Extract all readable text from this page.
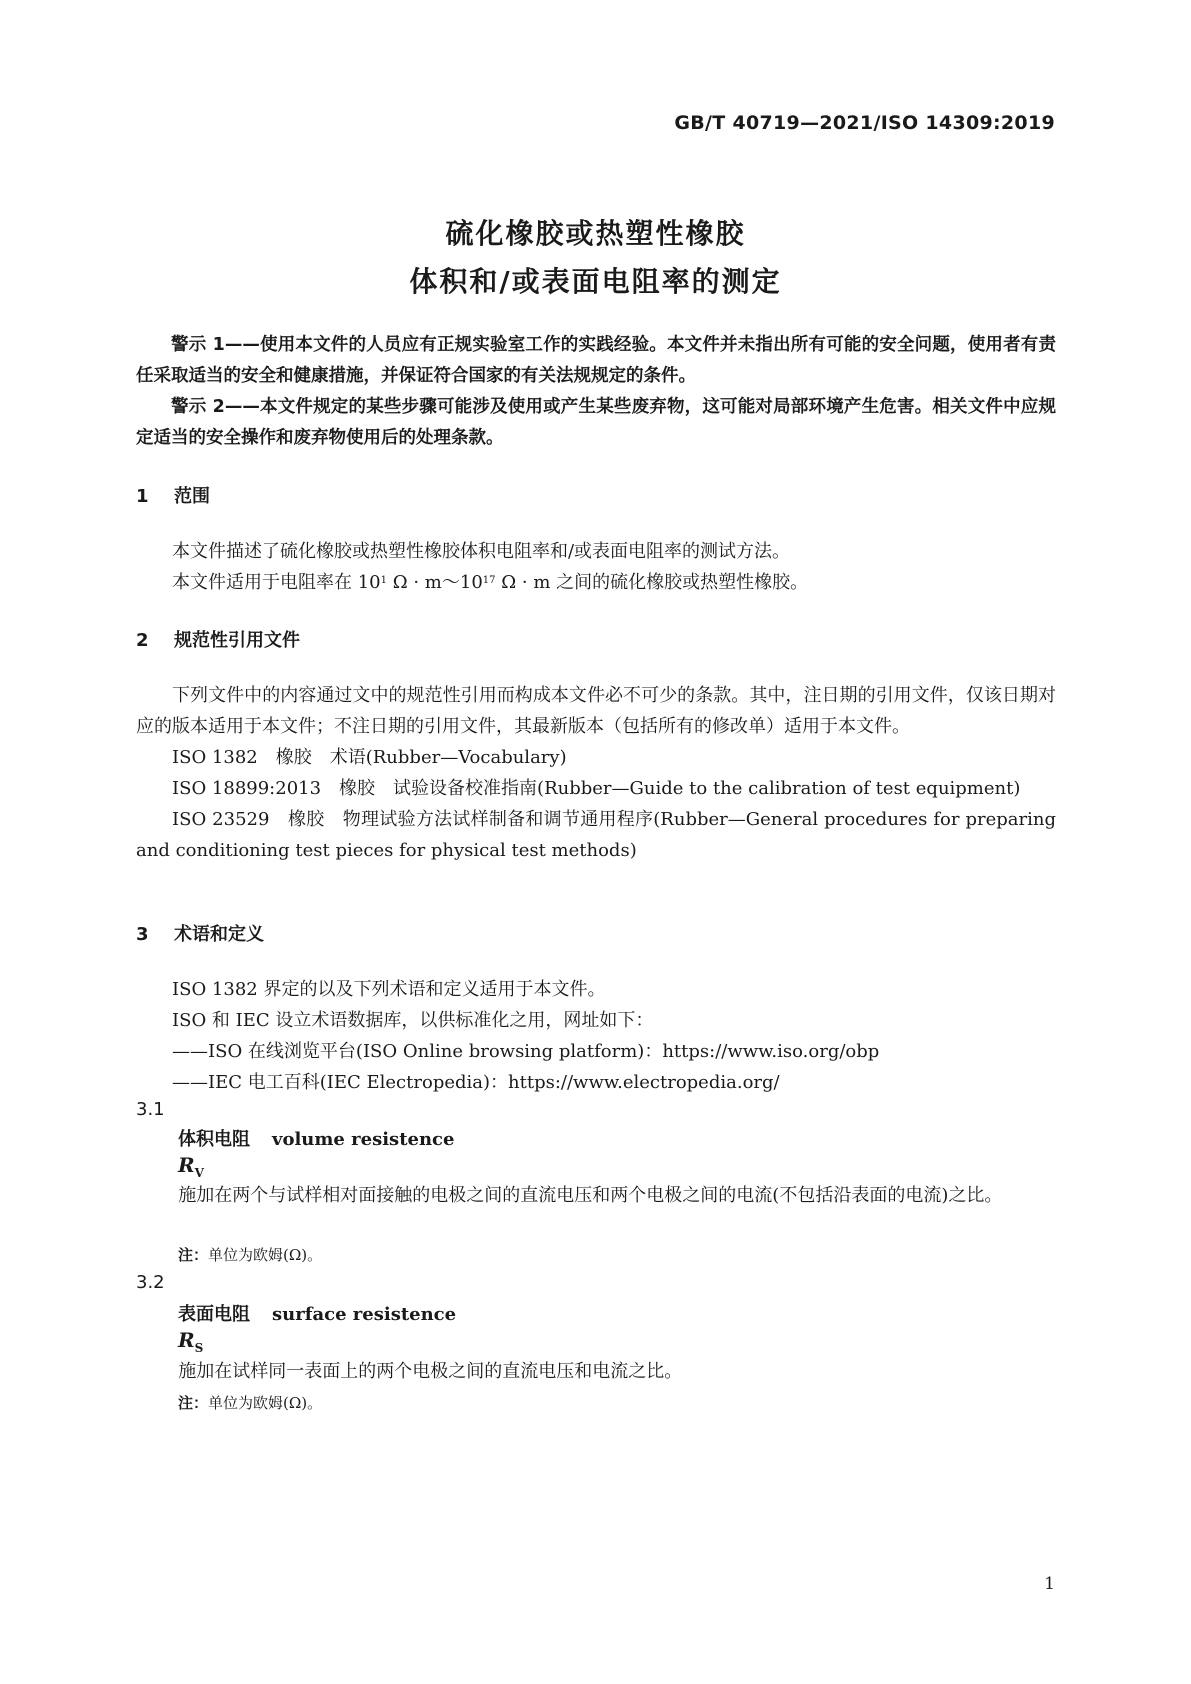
GB/T 40719—2021/ISO 14309:2019
硫化橡胶或热塑性橡胶
体积和/或表面电阻率的测定

警示 1——使用本文件的人员应有正规实验室工作的实践经验。本文件并未指出所有可能的安全问题，使用者有责任采取适当的安全和健康措施，并保证符合国家的有关法规规定的条件。

警示 2——本文件规定的某些步骤可能涉及使用或产生某些废弃物，这可能对局部环境产生危害。相关文件中应规定适当的安全操作和废弃物使用后的处理条款。

1 范围

本文件描述了硫化橡胶或热塑性橡胶体积电阻率和/或表面电阻率的测试方法。

本文件适用于电阻率在 $10^1$ $\Omega \cdot m\sim 10^{17}$ Ω · m 之间的硫化橡胶或热塑性橡胶。

2 规范性引用文件

下列文件中的内容通过文中的规范性引用而构成本文件必不可少的条款。其中，注日期的引用文件，仅该日期对应的版本适用于本文件；不注日期的引用文件，其最新版本（包括所有的修改单）适用于本文件。

ISO 1382　橡胶　术语(Rubber—Vocabulary)

ISO 18899:2013　橡胶　试验设备校准指南(Rubber—Guide to the calibration of test equipment)

ISO 23529　橡胶　物理试验方法试样制备和调节通用程序(Rubber—General procedures for preparing and conditioning test pieces for physical test methods)

3 术语和定义

ISO 1382 界定的以及下列术语和定义适用于本文件。

ISO 和 IEC 设立术语数据库，以供标准化之用，网址如下：

——ISO 在线浏览平台(ISO Online browsing platform)：https://www.iso.org/obp

——IEC 电工百科(IEC Electropedia)：https://www.electropedia.org/

3.1
体积电阻 volume resistence
$R_V$

施加在两个与试样相对面接触的电极之间的直流电压和两个电极之间的电流(不包括沿表面的电流)之比。

注：单位为欧姆(Ω)。
3.2
表面电阻 surface resistence
$R_S$

施加在试样同一表面上的两个电极之间的直流电压和电流之比。

注：单位为欧姆(Ω)。
1
